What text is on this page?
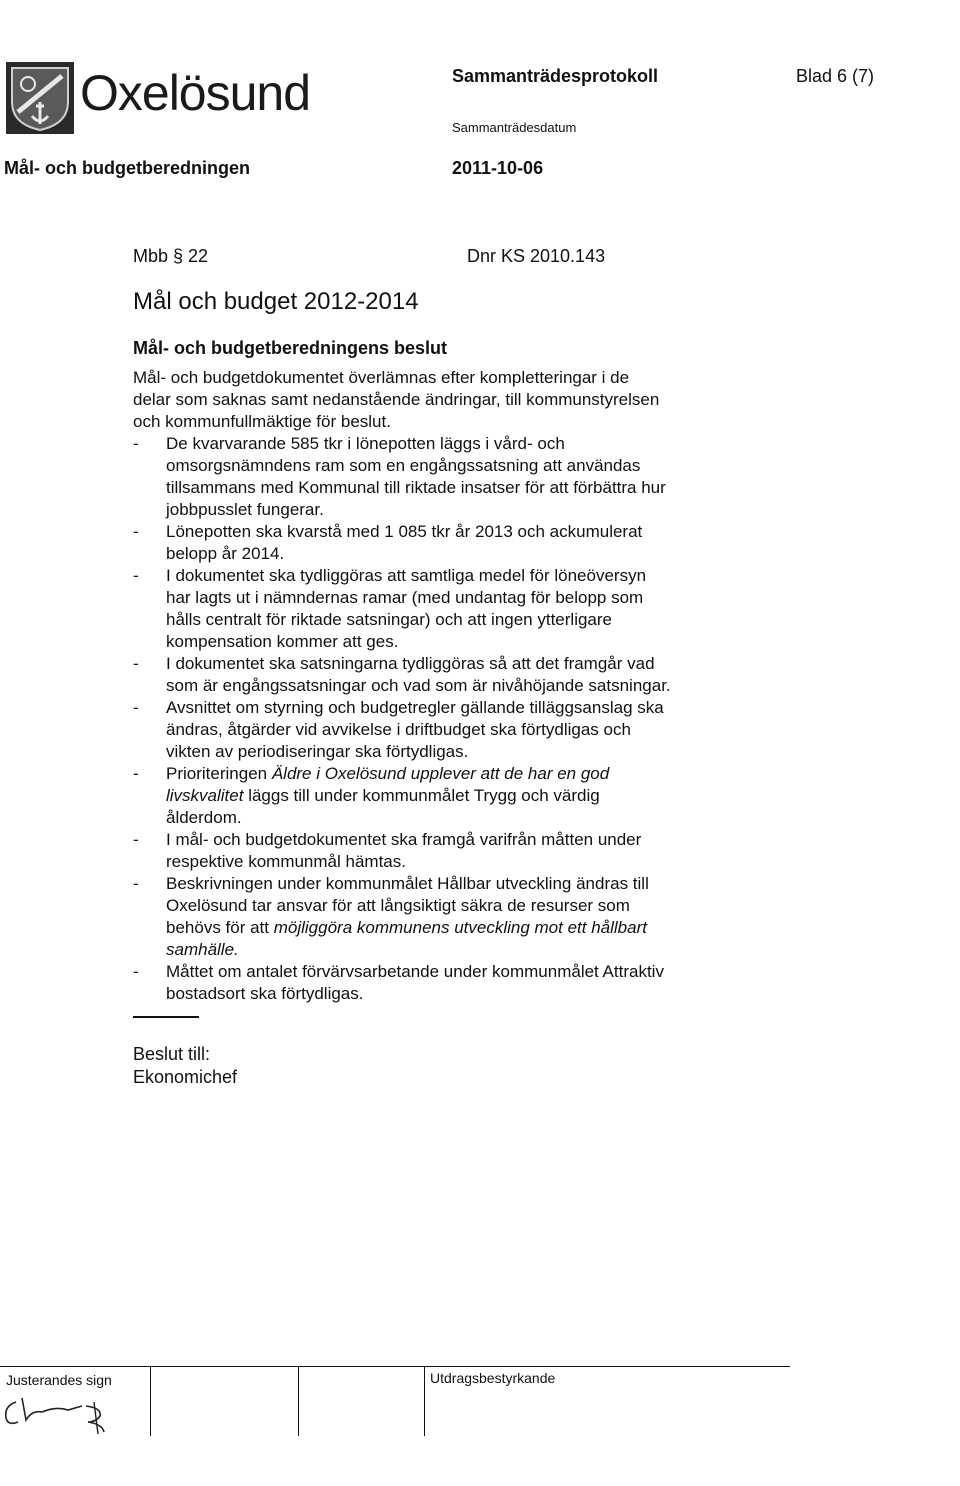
Oxelösund	Sammanträdesprotokoll	Blad 6 (7)
Sammanträdesdatum
2011-10-06
Mål- och budgetberedningen
Mbb § 22	Dnr KS 2010.143
Mål och budget 2012-2014
Mål- och budgetberedningens beslut
Mål- och budgetdokumentet överlämnas efter kompletteringar i de
delar som saknas samt nedanstående ändringar, till kommunstyrelsen
och kommunfullmäktige för beslut.
- De kvarvarande 585 tkr i lönepotten läggs i vård- och
omsorgsnämndens ram som en engångssatsning att användas
tillsammans med Kommunal till riktade insatser för att förbättra hur
jobbpusslet fungerar.
- Lönepotten ska kvarstå med 1 085 tkr år 2013 och ackumulerat
belopp år 2014.
- I dokumentet ska tydliggöras att samtliga medel för löneöversyn
har lagts ut i nämndernas ramar (med undantag för belopp som
hålls centralt för riktade satsningar) och att ingen ytterligare
kompensation kommer att ges.
- I dokumentet ska satsningarna tydliggöras så att det framgår vad
som är engångssatsningar och vad som är nivåhöjande satsningar.
- Avsnittet om styrning och budgetregler gällande tilläggsanslag ska
ändras, åtgärder vid avvikelse i driftbudget ska förtydligas och
vikten av periodiseringar ska förtydligas.
- Prioriteringen Äldre i Oxelösund upplever att de har en god
livskvalitet läggs till under kommunmålet Trygg och värdig
ålderdom.
- I mål- och budgetdokumentet ska framgå varifrån måtten under
respektive kommunmål hämtas.
- Beskrivningen under kommunmålet Hållbar utveckling ändras till
Oxelösund tar ansvar för att långsiktigt säkra de resurser som
behövs för att möjliggöra kommunens utveckling mot ett hållbart
samhälle.
- Måttet om antalet förvärvsarbetande under kommunmålet Attraktiv
bostadsort ska förtydligas.
Beslut till:
Ekonomichef
Justerandes sign	Utdragsbestyrkande
